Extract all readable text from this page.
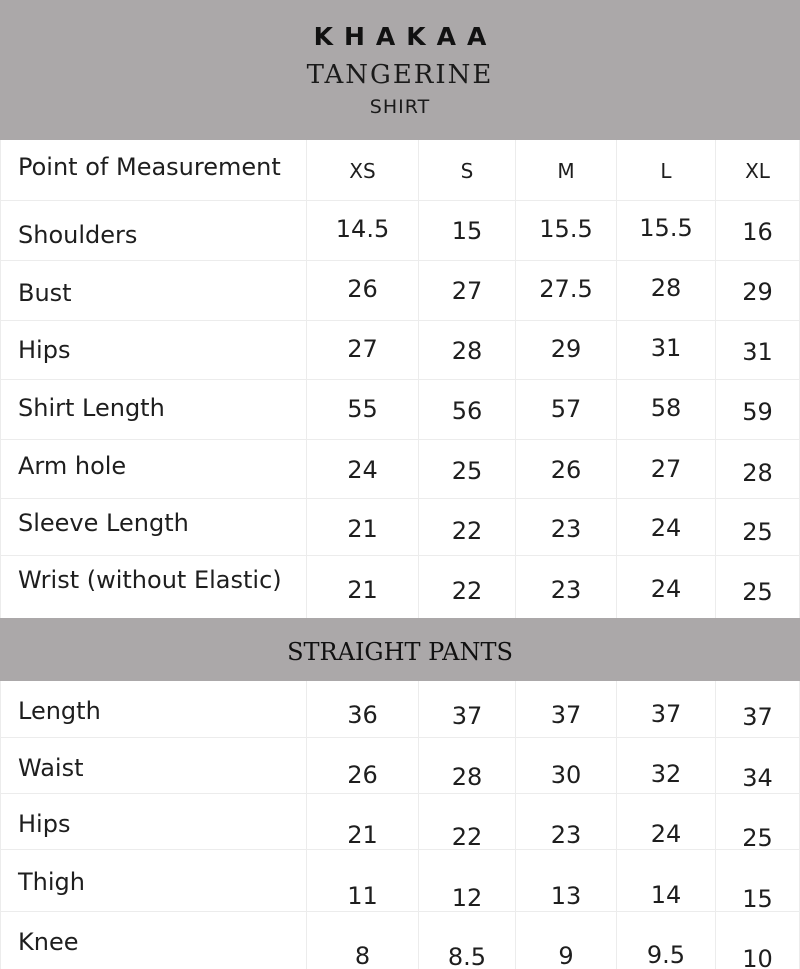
KHAKAA
TANGERINE
SHIRT
Point of Measurement	XS	S	M	L	XL
Shoulders	14.5	15	15.5	15.5	16
Bust	26	27	27.5	28	29
Hips	27	28	29	31	31
Shirt Length	55	56	57	58	59
Arm hole	24	25	26	27	28
Sleeve Length	21	22	23	24	25
Wrist (without Elastic)	21	22	23	24	25
STRAIGHT PANTS
Length	36	37	37	37	37
Waist	26	28	30	32	34
Hips	21	22	23	24	25
Thigh	11	12	13	14	15
Knee	8	8.5	9	9.5	10
